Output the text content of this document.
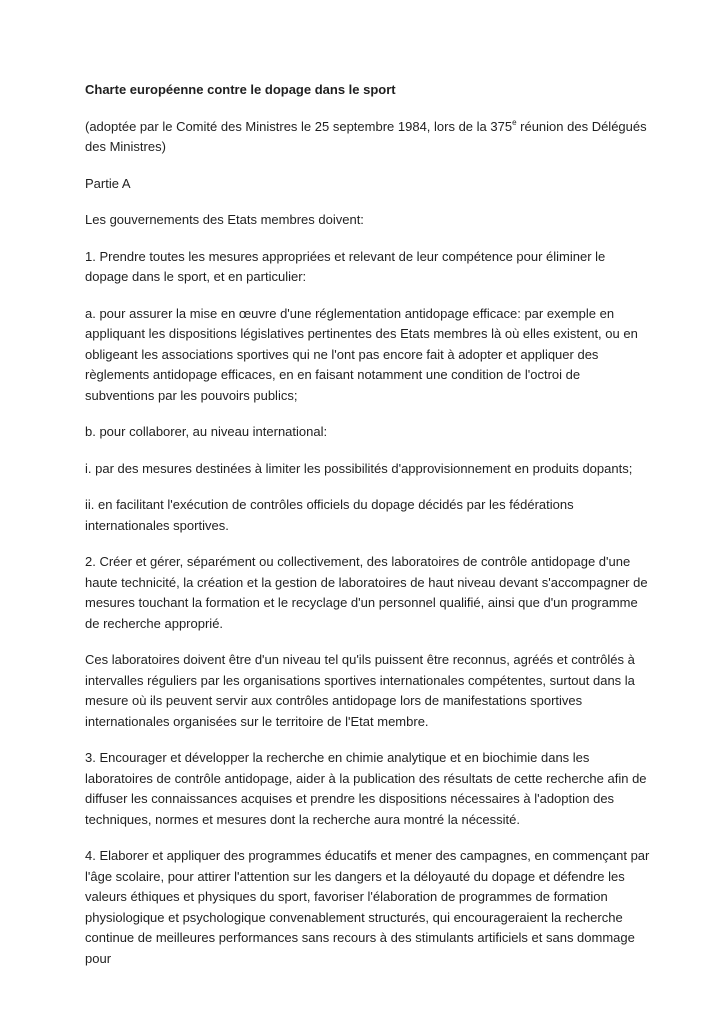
Charte européenne contre le dopage dans le sport

(adoptée par le Comité des Ministres le 25 septembre 1984, lors de la 375e réunion des Délégués des Ministres)

Partie A

Les gouvernements des Etats membres doivent:

1. Prendre toutes les mesures appropriées et relevant de leur compétence pour éliminer le dopage dans le sport, et en particulier:

a. pour assurer la mise en œuvre d'une réglementation antidopage efficace: par exemple en appliquant les dispositions législatives pertinentes des Etats membres là où elles existent, ou en obligeant les associations sportives qui ne l'ont pas encore fait à adopter et appliquer des règlements antidopage efficaces, en en faisant notamment une condition de l'octroi de subventions par les pouvoirs publics;

b. pour collaborer, au niveau international:

i. par des mesures destinées à limiter les possibilités d'approvisionnement en produits dopants;

ii. en facilitant l'exécution de contrôles officiels du dopage décidés par les fédérations internationales sportives.

2. Créer et gérer, séparément ou collectivement, des laboratoires de contrôle antidopage d'une haute technicité, la création et la gestion de laboratoires de haut niveau devant s'accompagner de mesures touchant la formation et le recyclage d'un personnel qualifié, ainsi que d'un programme de recherche approprié.

Ces laboratoires doivent être d'un niveau tel qu'ils puissent être reconnus, agréés et contrôlés à intervalles réguliers par les organisations sportives internationales compétentes, surtout dans la mesure où ils peuvent servir aux contrôles antidopage lors de manifestations sportives internationales organisées sur le territoire de l'Etat membre.

3. Encourager et développer la recherche en chimie analytique et en biochimie dans les laboratoires de contrôle antidopage, aider à la publication des résultats de cette recherche afin de diffuser les connaissances acquises et prendre les dispositions nécessaires à l'adoption des techniques, normes et mesures dont la recherche aura montré la nécessité.

4. Elaborer et appliquer des programmes éducatifs et mener des campagnes, en commençant par l'âge scolaire, pour attirer l'attention sur les dangers et la déloyauté du dopage et défendre les valeurs éthiques et physiques du sport, favoriser l'élaboration de programmes de formation physiologique et psychologique convenablement structurés, qui encourageraient la recherche continue de meilleures performances sans recours à des stimulants artificiels et sans dommage pour
